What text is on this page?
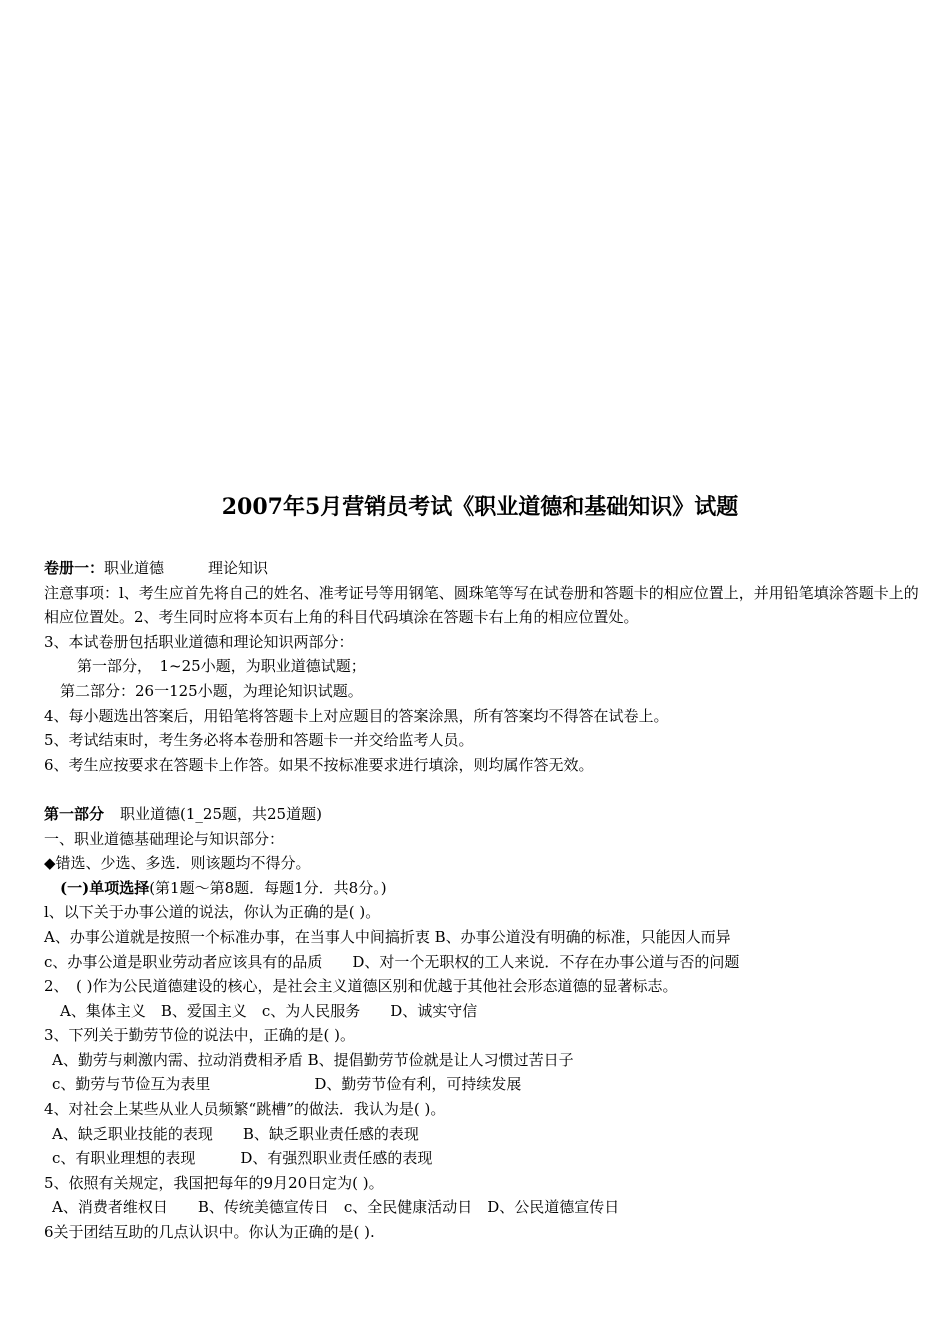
2007年5月营销员考试《职业道德和基础知识》试题
卷册一：职业道德	理论知识
注意事项：l、考生应首先将自己的姓名、准考证号等用钢笔、圆珠笔等写在试卷册和答题卡的相应位置上，并用铅笔填涂答题卡上的相应位置处。2、考生同时应将本页右上角的科目代码填涂在答题卡右上角的相应位置处。
3、本试卷册包括职业道德和理论知识两部分：
第一部分，　1~25小题，为职业道德试题；
第二部分：26一125小题，为理论知识试题。
4、每小题选出答案后，用铅笔将答题卡上对应题目的答案涂黑，所有答案均不得答在试卷上。
5、考试结束时，考生务必将本卷册和答题卡一并交给监考人员。
6、考生应按要求在答题卡上作答。如果不按标准要求进行填涂，则均属作答无效。
第一部分 职业道德(1_25题，共25道题)
一、职业道德基础理论与知识部分：
◆错选、少选、多选．则该题均不得分。
(一)单项选择(第1题～第8题．每题1分．共8分。)
l、以下关于办事公道的说法，你认为正确的是( )。
A、办事公道就是按照一个标准办事，在当事人中间搞折衷 B、办事公道没有明确的标准，只能因人而异
c、办事公道是职业劳动者应该具有的品质　　D、对一个无职权的工人来说．不存在办事公道与否的问题
2、　( )作为公民道德建设的核心，是社会主义道德区别和优越于其他社会形态道德的显著标志。
A、集体主义　B、爱国主义　c、为人民服务　　D、诚实守信
3、下列关于勤劳节俭的说法中，正确的是( )。
A、勤劳与刺激内需、拉动消费相矛盾 B、提倡勤劳节俭就是让人习惯过苦日子
c、勤劳与节俭互为表里	D、勤劳节俭有利，可持续发展
4、对社会上某些从业人员频繁“跳槽”的做法．我认为是( )。
A、缺乏职业技能的表现　　B、缺乏职业责任感的表现
c、有职业理想的表现　　　D、有强烈职业责任感的表现
5、依照有关规定，我国把每年的9月20日定为( )。
A、消费者维权日　　B、传统美德宣传日　c、全民健康活动日　D、公民道德宣传日
6关于团结互助的几点认识中。你认为正确的是( ).
